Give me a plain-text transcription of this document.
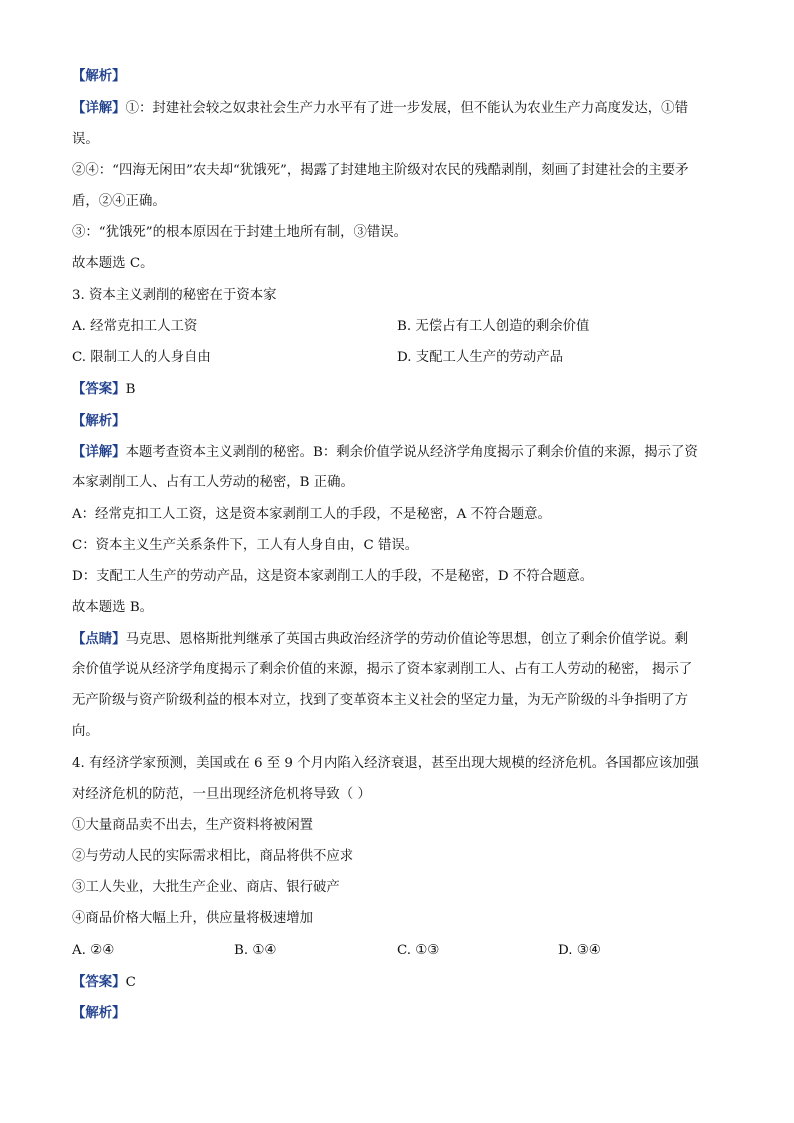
【解析】
【详解】①：封建社会较之奴隶社会生产力水平有了进一步发展，但不能认为农业生产力高度发达，①错
误。
②④：“四海无闲田”农夫却“犹饿死”，揭露了封建地主阶级对农民的残酷剥削，刻画了封建社会的主要矛
盾，②④正确。
③：“犹饿死”的根本原因在于封建土地所有制，③错误。
故本题选 C。
3. 资本主义剥削的秘密在于资本家
A. 经常克扣工人工资	B. 无偿占有工人创造的剩余价值
C. 限制工人的人身自由	D. 支配工人生产的劳动产品
【答案】B
【解析】
【详解】本题考查资本主义剥削的秘密。B：剩余价值学说从经济学角度揭示了剩余价值的来源，揭示了资
本家剥削工人、占有工人劳动的秘密，B 正确。
A：经常克扣工人工资，这是资本家剥削工人的手段，不是秘密，A 不符合题意。
C：资本主义生产关系条件下，工人有人身自由，C 错误。
D：支配工人生产的劳动产品，这是资本家剥削工人的手段，不是秘密，D 不符合题意。
故本题选 B。
【点睛】马克思、恩格斯批判继承了英国古典政治经济学的劳动价值论等思想，创立了剩余价值学说。剩
余价值学说从经济学角度揭示了剩余价值的来源，揭示了资本家剥削工人、占有工人劳动的秘密， 揭示了
无产阶级与资产阶级利益的根本对立，找到了变革资本主义社会的坚定力量，为无产阶级的斗争指明了方
向。
4. 有经济学家预测，美国或在 6 至 9 个月内陷入经济衰退，甚至出现大规模的经济危机。各国都应该加强
对经济危机的防范，一旦出现经济危机将导致（ ）
①大量商品卖不出去，生产资料将被闲置
②与劳动人民的实际需求相比，商品将供不应求
③工人失业，大批生产企业、商店、银行破产
④商品价格大幅上升，供应量将极速增加
A. ②④	B. ①④	C. ①③	D. ③④
【答案】C
【解析】
